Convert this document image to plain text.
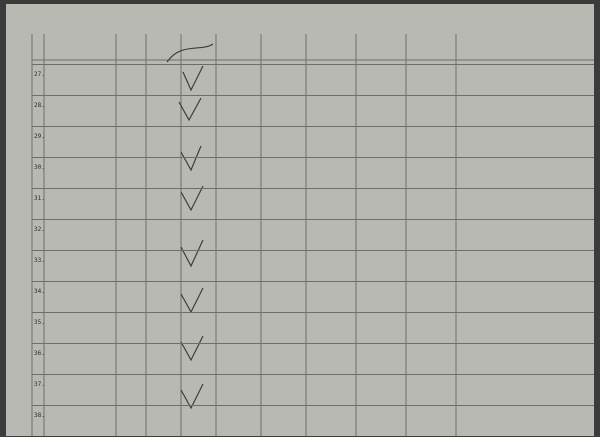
27.
28.
29.
30.
31.
32.
33.
34.
35.
36.
37.
38.
